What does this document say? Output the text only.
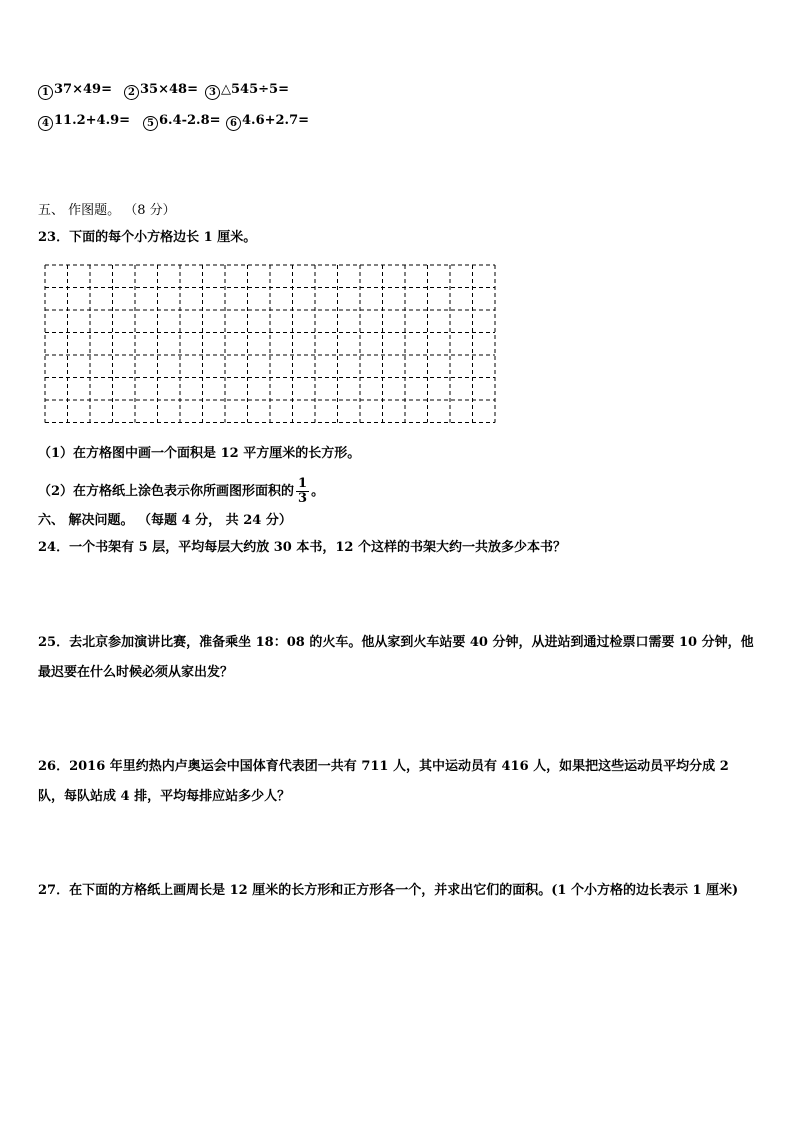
1 37×49=	2 35×48=	3 △545÷5=
4 11.2+4.9=	5 6.4-2.8= 6 4.6+2.7=
五、 作图题。 （8 分）
23．下面的每个小方格边长 1 厘米。
（1）在方格图中画一个面积是 12 平方厘米的长方形。
（2）在方格纸上涂色表示你所画图形面积的 $\frac{1}{3}$ 。
六、 解决问题。 （每题 4 分， 共 24 分）
24．一个书架有 5 层，平均每层大约放 30 本书，12 个这样的书架大约一共放多少本书？
25．去北京参加演讲比赛，准备乘坐 18：08 的火车。他从家到火车站要 40 分钟，从进站到通过检票口需要 10 分钟，他最迟要在什么时候必须从家出发？
26．2016 年里约热内卢奥运会中国体育代表团一共有 711 人，其中运动员有 416 人，如果把这些运动员平均分成 2 队，每队站成 4 排，平均每排应站多少人？
27．在下面的方格纸上画周长是 12 厘米的长方形和正方形各一个，并求出它们的面积。(1 个小方格的边长表示 1 厘米)
